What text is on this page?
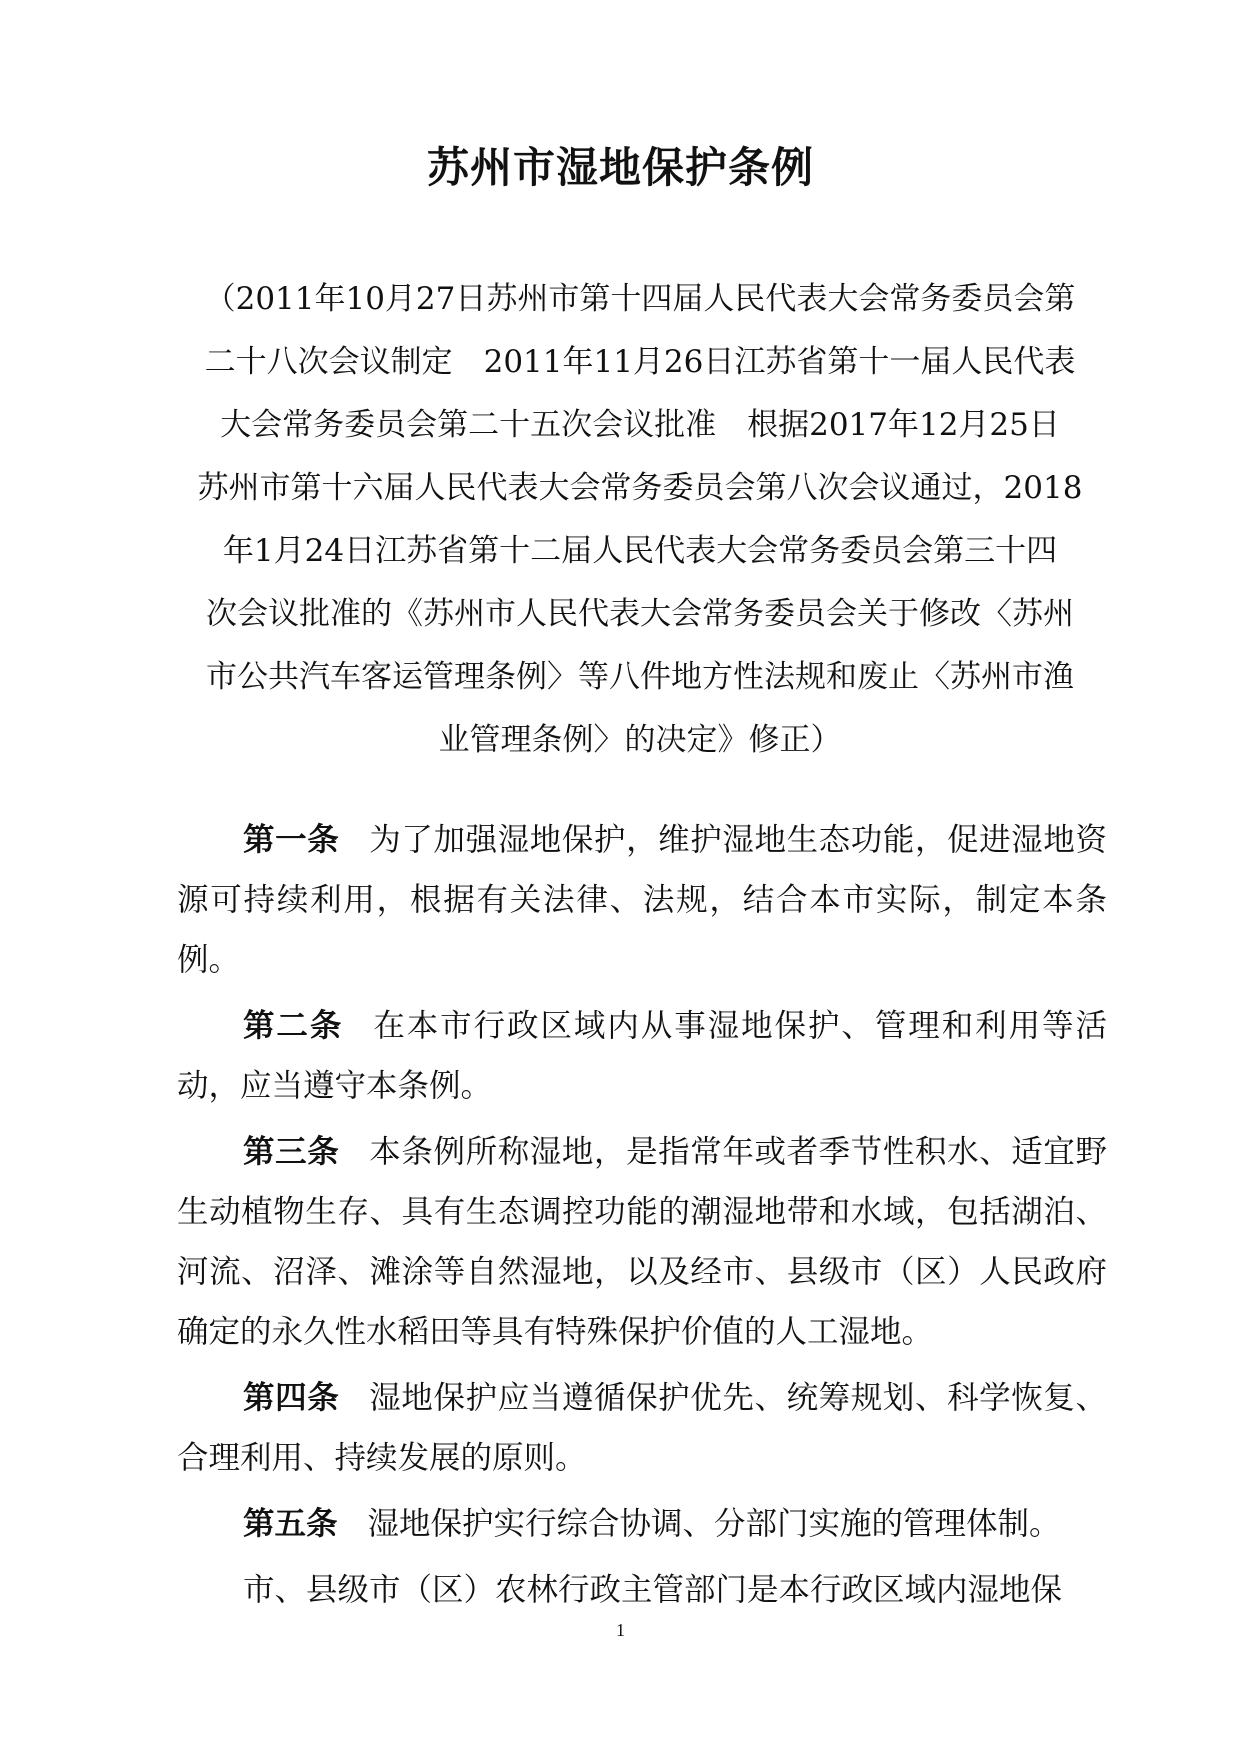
苏州市湿地保护条例
（2011年10月27日苏州市第十四届人民代表大会常务委员会第
二十八次会议制定　2011年11月26日江苏省第十一届人民代表
大会常务委员会第二十五次会议批准　根据2017年12月25日
苏州市第十六届人民代表大会常务委员会第八次会议通过，2018
年1月24日江苏省第十二届人民代表大会常务委员会第三十四
次会议批准的《苏州市人民代表大会常务委员会关于修改〈苏州
市公共汽车客运管理条例〉等八件地方性法规和废止〈苏州市渔
业管理条例〉的决定》修正）

第一条 为了加强湿地保护，维护湿地生态功能，促进湿地资源可持续利用，根据有关法律、法规，结合本市实际，制定本条例。

第二条 在本市行政区域内从事湿地保护、管理和利用等活动，应当遵守本条例。

第三条 本条例所称湿地，是指常年或者季节性积水、适宜野生动植物生存、具有生态调控功能的潮湿地带和水域，包括湖泊、河流、沼泽、滩涂等自然湿地，以及经市、县级市（区）人民政府确定的永久性水稻田等具有特殊保护价值的人工湿地。

第四条 湿地保护应当遵循保护优先、统筹规划、科学恢复、合理利用、持续发展的原则。

第五条 湿地保护实行综合协调、分部门实施的管理体制。

市、县级市（区）农林行政主管部门是本行政区域内湿地保

1
